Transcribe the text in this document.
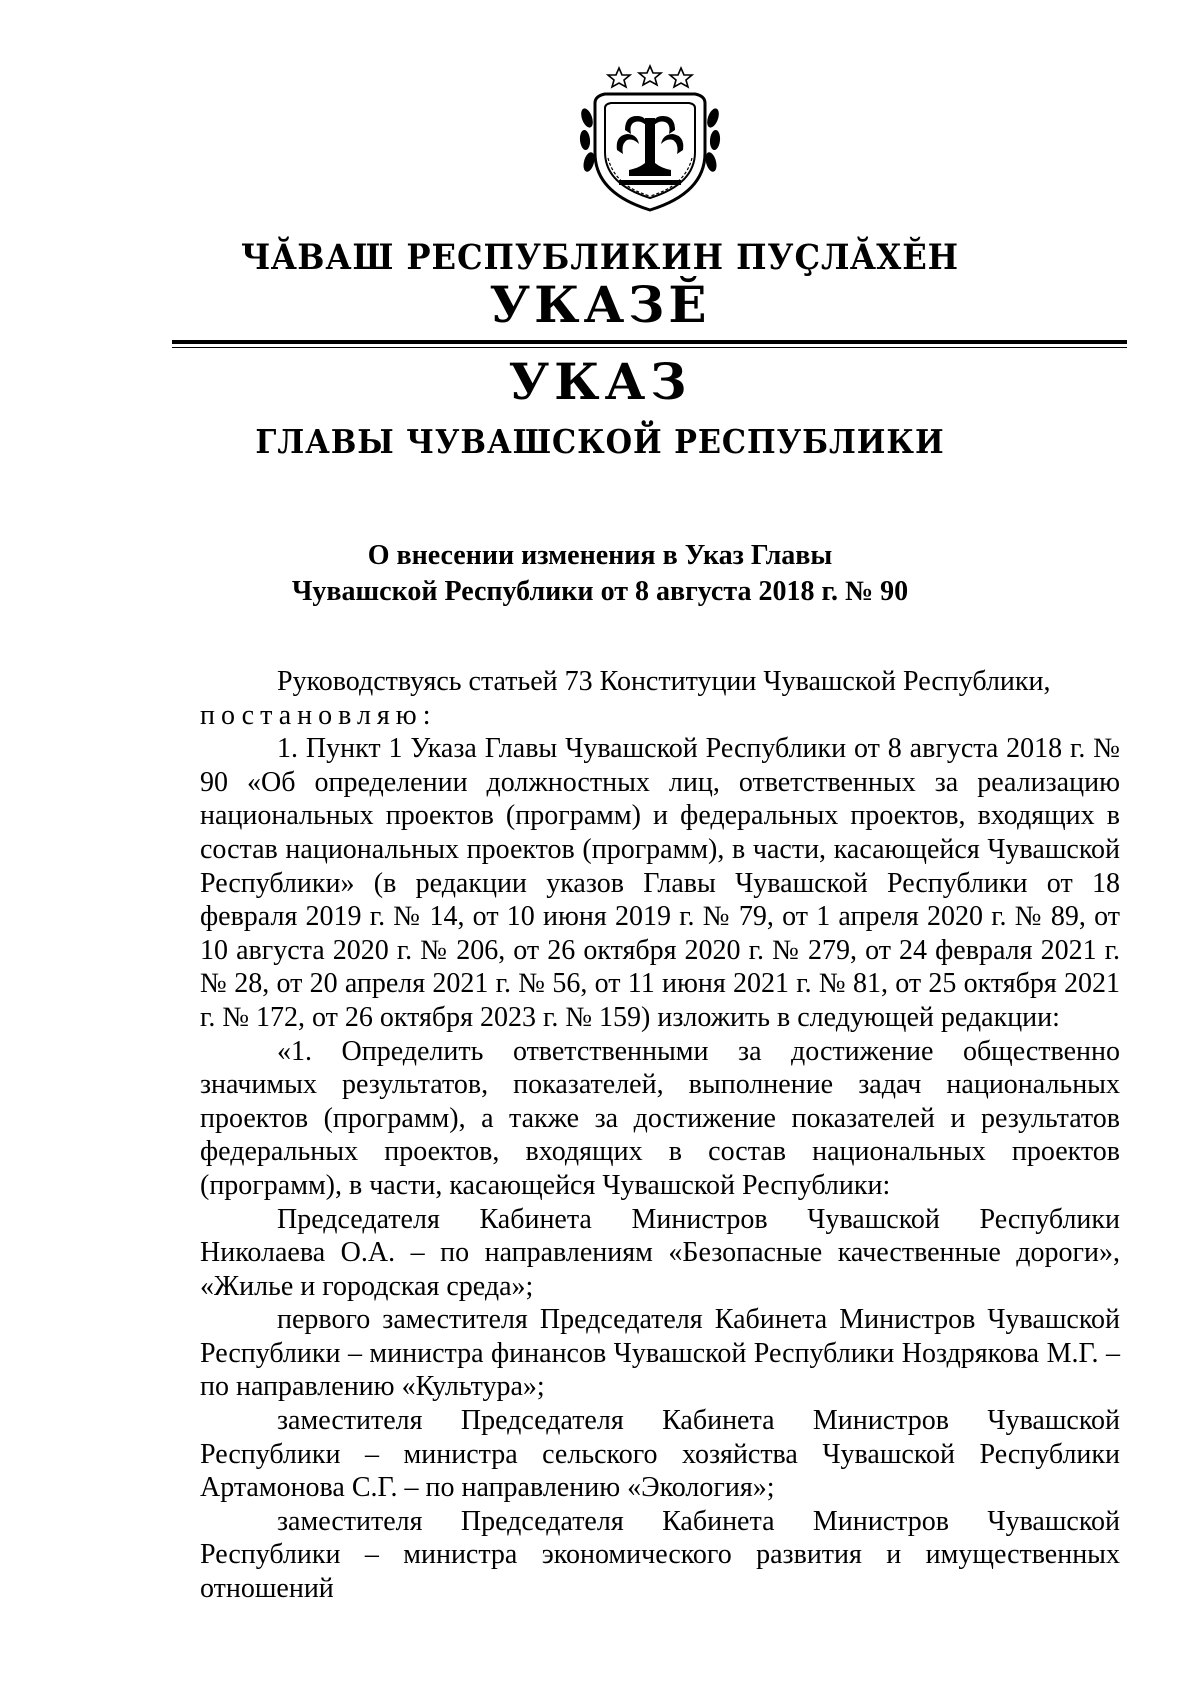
ЧĂВАШ РЕСПУБЛИКИН ПУÇЛĂХĔН
УКАЗĔ
УКАЗ
ГЛАВЫ ЧУВАШСКОЙ РЕСПУБЛИКИ
О внесении изменения в Указ Главы
Чувашской Республики от 8 августа 2018 г. № 90

Руководствуясь статьей 73 Конституции Чувашской Республики,

постановляю:

1. Пункт 1 Указа Главы Чувашской Республики от 8 августа 2018 г. № 90 «Об определении должностных лиц, ответственных за реализацию национальных проектов (программ) и федеральных проектов, входящих в состав национальных проектов (программ), в части, касающейся Чувашской Республики» (в редакции указов Главы Чувашской Республики от 18 февраля 2019 г. № 14, от 10 июня 2019 г. № 79, от 1 апреля 2020 г. № 89, от 10 августа 2020 г. № 206, от 26 октября 2020 г. № 279, от 24 февраля 2021 г. № 28, от 20 апреля 2021 г. № 56, от 11 июня 2021 г. № 81, от 25 октября 2021 г. № 172, от 26 октября 2023 г. № 159) изложить в следующей редакции:

«1. Определить ответственными за достижение общественно значимых результатов, показателей, выполнение задач национальных проектов (программ), а также за достижение показателей и результатов федеральных проектов, входящих в состав национальных проектов (программ), в части, касающейся Чувашской Республики:

Председателя Кабинета Министров Чувашской Республики Николаева О.А. – по направлениям «Безопасные качественные дороги», «Жилье и городская среда»;

первого заместителя Председателя Кабинета Министров Чувашской Республики – министра финансов Чувашской Республики Ноздрякова М.Г. – по направлению «Культура»;

заместителя Председателя Кабинета Министров Чувашской Республики – министра сельского хозяйства Чувашской Республики Артамонова С.Г. – по направлению «Экология»;

заместителя Председателя Кабинета Министров Чувашской Республики – министра экономического развития и имущественных отношений
